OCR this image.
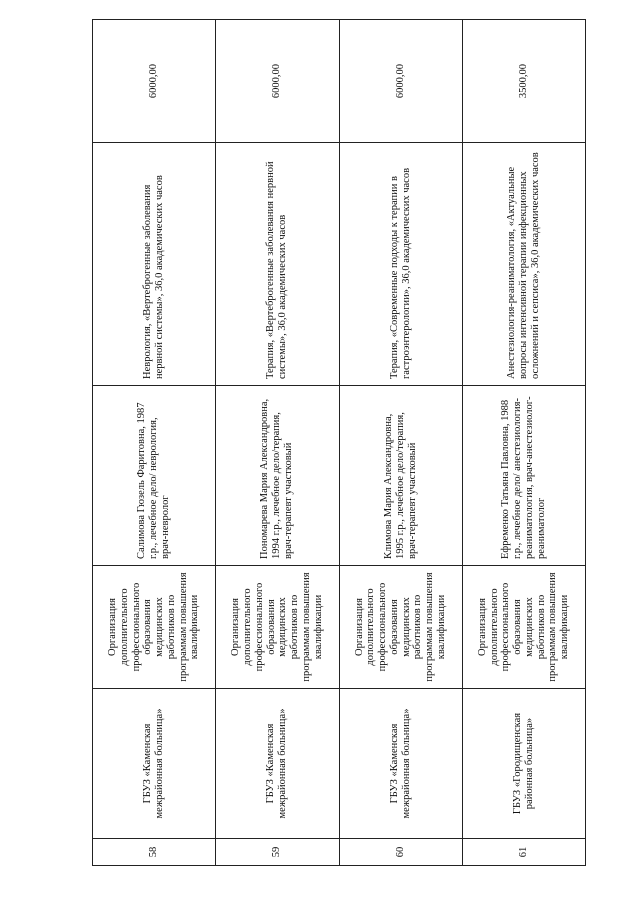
58	ГБУЗ «Каменская межрайонная больница»	Организация дополнительного профессионального образования медицинских работников по программам повышения квалификации	Салимова Гюзель Фаритовна, 1987 г.р., лечебное дело/ неврология, врач-невролог	Неврология, «Вертеброгенные заболевания нервной системы», 36,0 академических часов	6000,00
59	ГБУЗ «Каменская межрайонная больница»	Организация дополнительного профессионального образования медицинских работников по программам повышения квалификации	Пономарева Мария Александровна, 1994 г.р., лечебное дело/терапия, врач-терапевт участковый	Терапия, «Вертеброгенные заболевания нервной системы», 36,0 академических часов	6000,00
60	ГБУЗ «Каменская межрайонная больница»	Организация дополнительного профессионального образования медицинских работников по программам повышения квалификации	Климова Мария Александровна, 1995 г.р., лечебное дело/терапия, врач-терапевт участковый	Терапия, «Современные подходы к терапии в гастроэнтерологии», 36,0 академических часов	6000,00
61	ГБУЗ «Городищенская районная больница»	Организация дополнительного профессионального образования медицинских работников по программам повышения квалификации	Ефременко Татьяна Павловна, 1988 г.р., лечебное дело/ анестезиология-реаниматология, врач-анестезиолог-реаниматолог	Анестезиология-реаниматология, «Актуальные вопросы интенсивной терапии инфекционных осложнений и сепсиса», 36,0 академических часов	3500,00
